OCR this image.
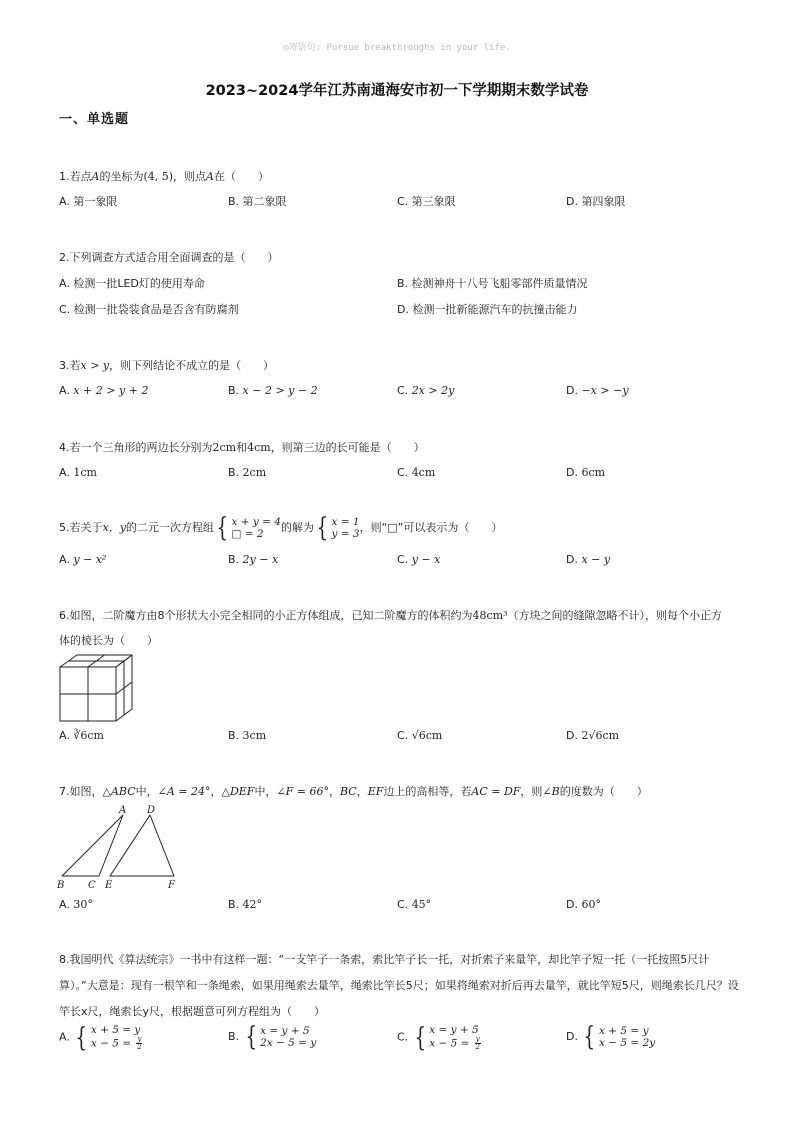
◎寄语句: Pursue breakthroughs in your life.
2023~2024学年江苏南通海安市初一下学期期末数学试卷
一、单选题
1.若点A的坐标为(4, 5)，则点A在（　　）
A. 第一象限	B. 第二象限	C. 第三象限	D. 第四象限
2.下列调查方式适合用全面调查的是（　　）
A. 检测一批LED灯的使用寿命	B. 检测神舟十八号飞船零部件质量情况
C. 检测一批袋装食品是否含有防腐剂	D. 检测一批新能源汽车的抗撞击能力
3.若x > y，则下列结论不成立的是（　　）
A. x + 2 > y + 2	B. x − 2 > y − 2	C. 2x > 2y	D. −x > −y
4.若一个三角形的两边长分别为2cm和4cm，则第三边的长可能是（　　）
A. 1cm	B. 2cm	C. 4cm	D. 6cm
5.若关于x，y的二元一次方程组 { x + y = 4
□ = 2	的解为 { x = 1
y = 3 ，则“□”可以表示为（　　）
A. y − x²	B. 2y − x	C. y − x	D. x − y
6.如图，二阶魔方由8个形状大小完全相同的小正方体组成，已知二阶魔方的体积约为48cm³（方块之间的缝隙忽略不计），则每个小正方
体的棱长为（　　）
A. ∛6cm	B. 3cm	C. √6cm	D. 2√6cm
7.如图，△ABC中，∠A = 24°，△DEF中，∠F = 66°，BC，EF边上的高相等，若AC = DF，则∠B的度数为（　　）
A D
B C E	F
A. 30°	B. 42°	C. 45°	D. 60°
8.我国明代《算法统宗》一书中有这样一题：“一支竿子一条索，索比竿子长一托，对折索子来量竿，却比竿子短一托（一托按照5尺计算）。”大意是：现有一根竿和一条绳索，如果用绳索去量竿，绳索比竿长5尺；如果将绳索对折后再去量竿，就比竿短5尺，则绳索长几尺？设竿长x尺，绳索长y尺，根据题意可列方程组为（　　）
A. { x + 5 = y
$x - 5 = \frac{y}{2}$	B. { x = y + 5
2x − 5 = y	C. { x = y + 5
$x - 5 = \frac{y}{2}$	D. { x + 5 = y
x − 5 = 2y
